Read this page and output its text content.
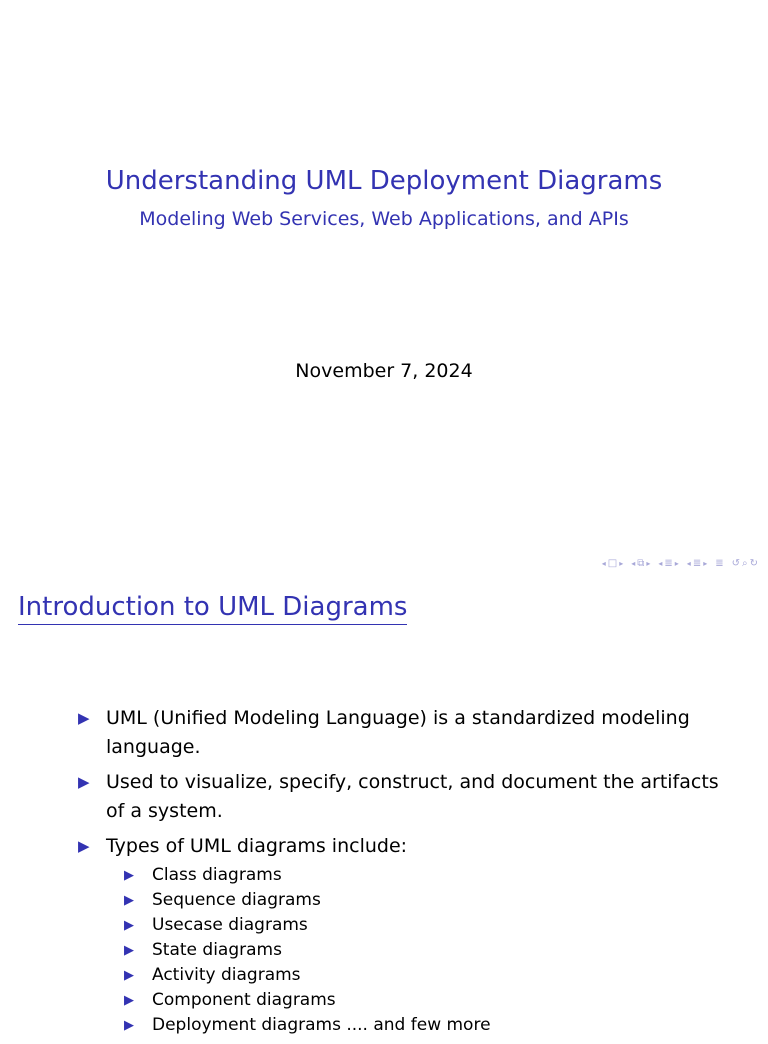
Understanding UML Deployment Diagrams
Modeling Web Services, Web Applications, and APIs
November 7, 2024
◂ □ ▸ ◂ ⧉ ▸ ◂ ≣ ▸ ◂ ≣ ▸ ≣ ↺ ⌕ ↻
Introduction to UML Diagrams
▶ UML (Unified Modeling Language) is a standardized modeling language.
▶ Used to visualize, specify, construct, and document the artifacts of a system.
▶ Types of UML diagrams include:
▶ Class diagrams
▶ Sequence diagrams
▶ Usecase diagrams
▶ State diagrams
▶ Activity diagrams
▶ Component diagrams
▶ Deployment diagrams .... and few more
